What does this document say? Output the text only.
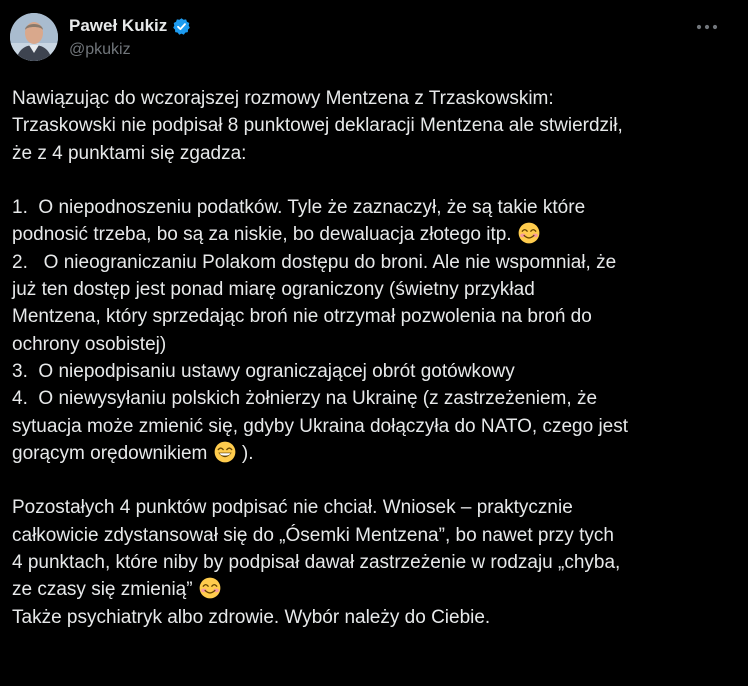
Paweł Kukiz
@pkukiz
Nawiązując do wczorajszej rozmowy Mentzena z Trzaskowskim:
Trzaskowski nie podpisał 8 punktowej deklaracji Mentzena ale stwierdził,
że z 4 punktami się zgadza:

1.  O niepodnoszeniu podatków. Tyle że zaznaczył, że są takie które
podnosić trzeba, bo są za niskie, bo dewaluacja złotego itp.
2.   O nieograniczaniu Polakom dostępu do broni. Ale nie wspomniał, że
już ten dostęp jest ponad miarę ograniczony (świetny przykład
Mentzena, który sprzedając broń nie otrzymał pozwolenia na broń do
ochrony osobistej)
3.  O niepodpisaniu ustawy ograniczającej obrót gotówkowy
4.  O niewysyłaniu polskich żołnierzy na Ukrainę (z zastrzeżeniem, że
sytuacja może zmienić się, gdyby Ukraina dołączyła do NATO, czego jest
gorącym orędownikiem  ).

Pozostałych 4 punktów podpisać nie chciał. Wniosek – praktycznie
całkowicie zdystansował się do „Ósemki Mentzena”, bo nawet przy tych
4 punktach, które niby by podpisał dawał zastrzeżenie w rodzaju „chyba,
ze czasy się zmienią”
Także psychiatryk albo zdrowie. Wybór należy do Ciebie.
